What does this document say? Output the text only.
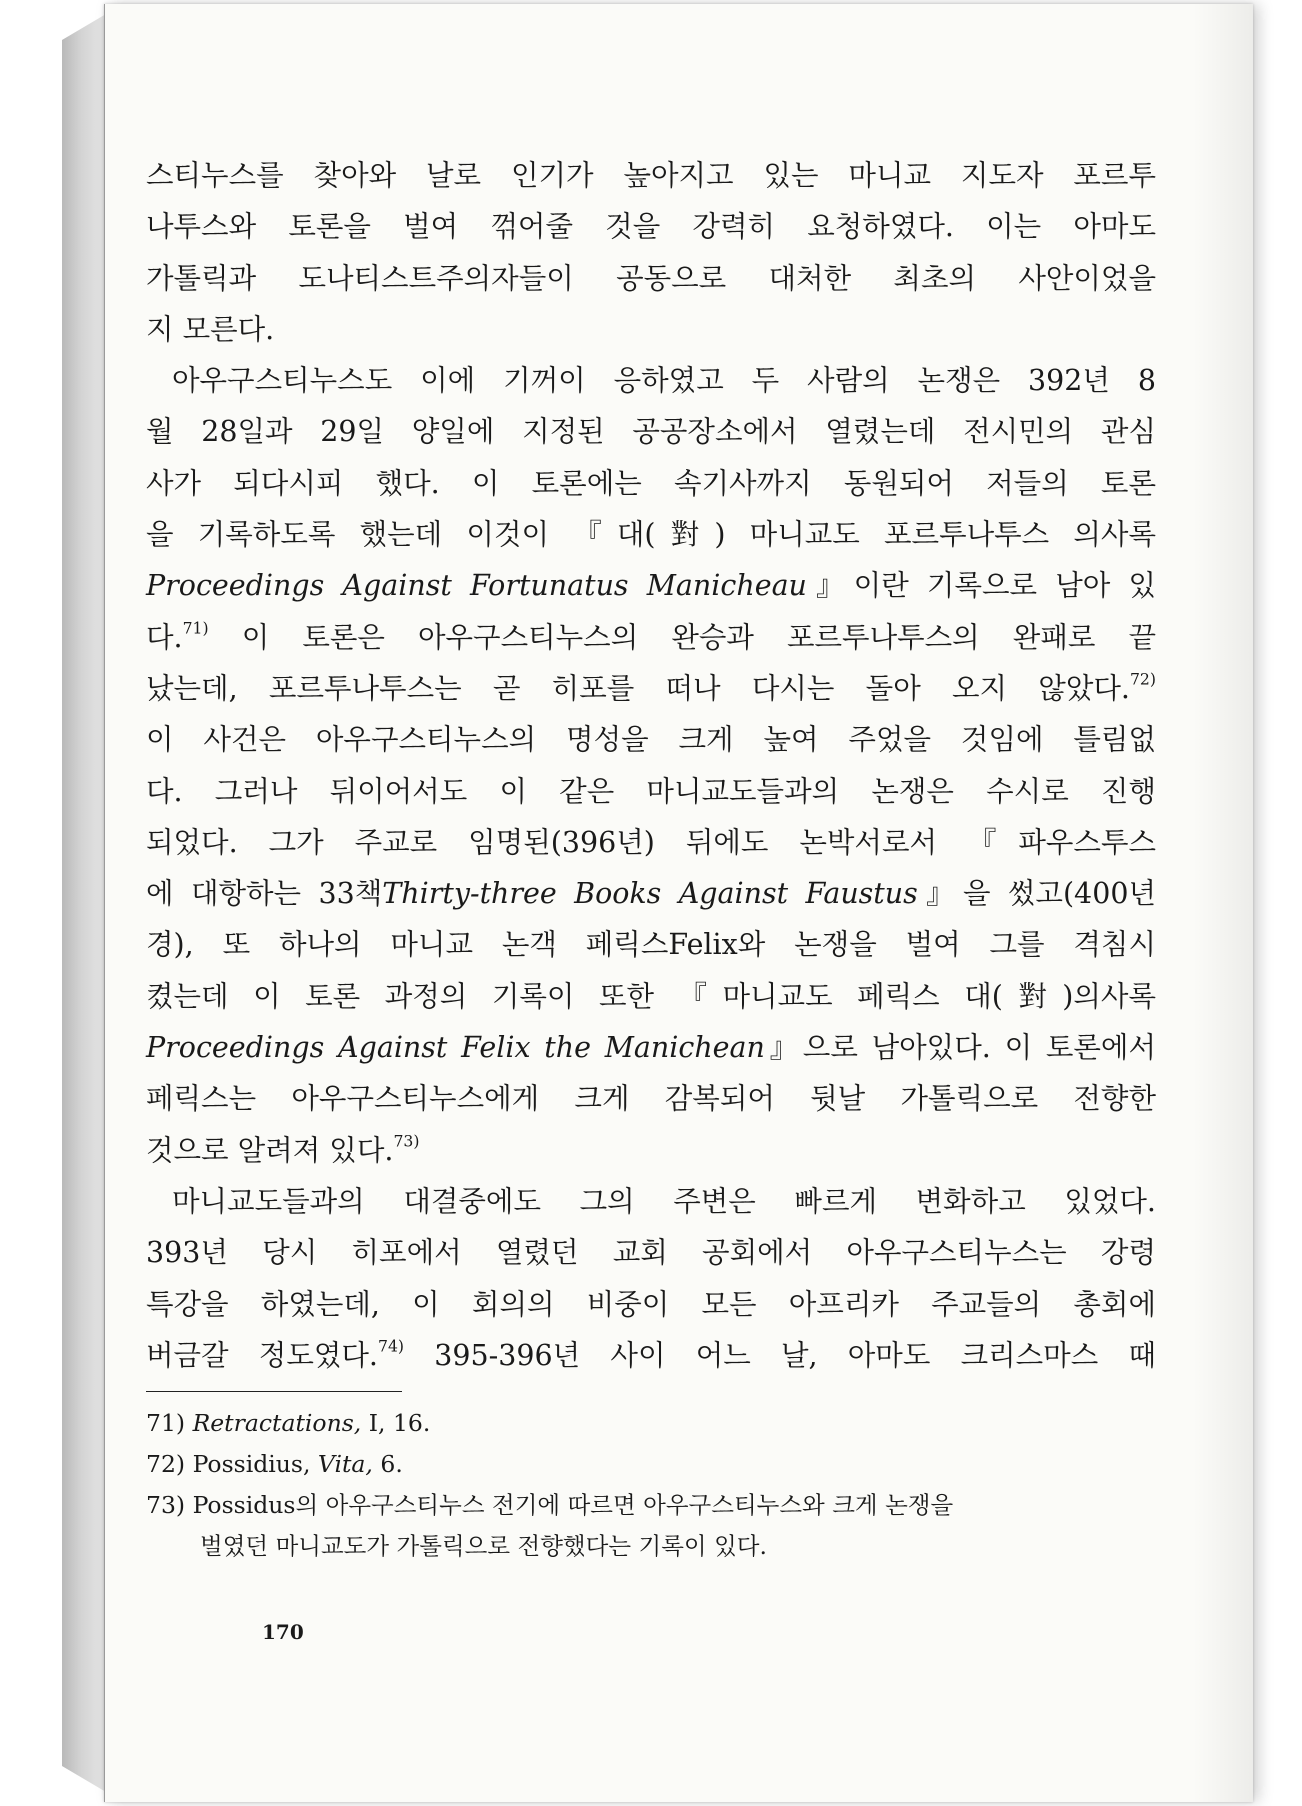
스티누스를 찾아와 날로 인기가 높아지고 있는 마니교 지도자 포르투
나투스와 토론을 벌여 꺾어줄 것을 강력히 요청하였다. 이는 아마도
가톨릭과 도나티스트주의자들이 공동으로 대처한 최초의 사안이었을
지 모른다.
아우구스티누스도 이에 기꺼이 응하였고 두 사람의 논쟁은 392년 8
월 28일과 29일 양일에 지정된 공공장소에서 열렸는데 전시민의 관심
사가 되다시피 했다. 이 토론에는 속기사까지 동원되어 저들의 토론
을 기록하도록 했는데 이것이 『대(對) 마니교도 포르투나투스 의사록
Proceedings Against Fortunatus Manicheau』이란 기록으로 남아 있
다.$^{71)}$ 이 토론은 아우구스티누스의 완승과 포르투나투스의 완패로 끝
났는데, 포르투나투스는 곧 히포를 떠나 다시는 돌아 오지 않았다.$^{72)}$
이 사건은 아우구스티누스의 명성을 크게 높여 주었을 것임에 틀림없
다. 그러나 뒤이어서도 이 같은 마니교도들과의 논쟁은 수시로 진행
되었다. 그가 주교로 임명된(396년) 뒤에도 논박서로서 『파우스투스
에 대항하는 33책Thirty-three Books Against Faustus』을 썼고(400년
경), 또 하나의 마니교 논객 페릭스Felix와 논쟁을 벌여 그를 격침시
켰는데 이 토론 과정의 기록이 또한 『마니교도 페릭스 대(對)의사록
Proceedings Against Felix the Manichean』으로 남아있다. 이 토론에서
페릭스는 아우구스티누스에게 크게 감복되어 뒷날 가톨릭으로 전향한
것으로 알려져 있다.$^{73)}$
마니교도들과의 대결중에도 그의 주변은 빠르게 변화하고 있었다.
393년 당시 히포에서 열렸던 교회 공회에서 아우구스티누스는 강령
특강을 하였는데, 이 회의의 비중이 모든 아프리카 주교들의 총회에
버금갈 정도였다.$^{74)}$ 395-396년 사이 어느 날, 아마도 크리스마스 때
71) Retractations, Ⅰ, 16.
72) Possidius, Vita, 6.
73) Possidus의 아우구스티누스 전기에 따르면 아우구스티누스와 크게 논쟁을
벌였던 마니교도가 가톨릭으로 전향했다는 기록이 있다.
170
